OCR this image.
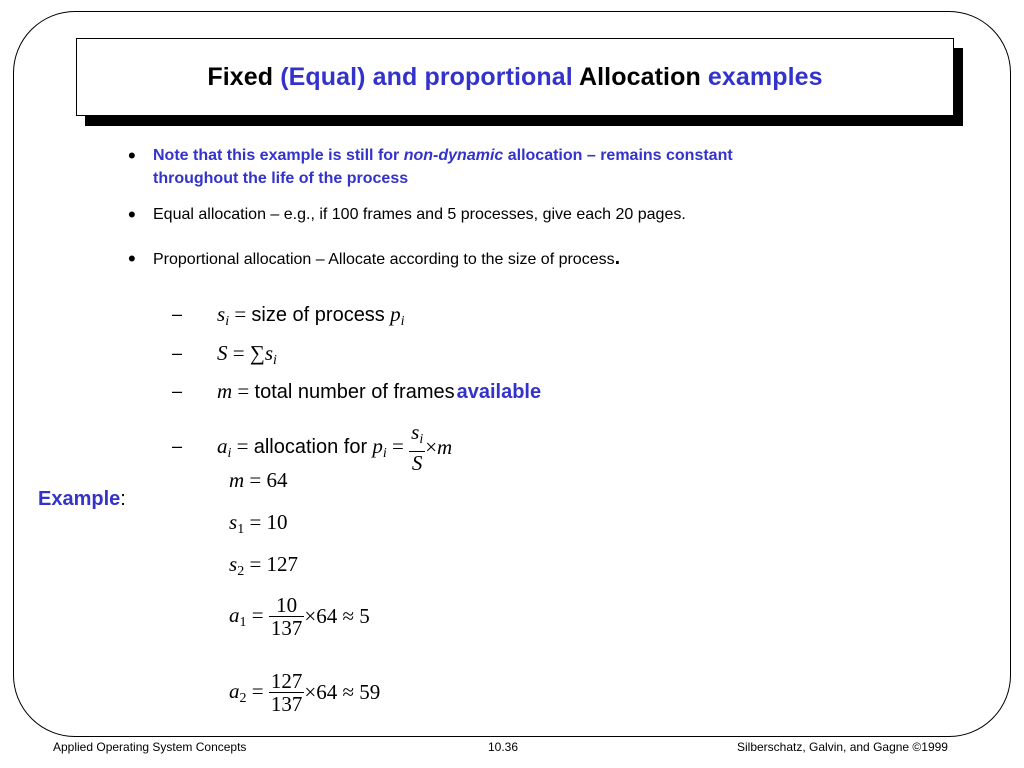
Fixed (Equal) and proportional Allocation examples
• Note that this example is still for non-dynamic allocation – remains constant
throughout the life of the process
• Equal allocation – e.g., if 100 frames and 5 processes, give each 20 pages.
• Proportional allocation – Allocate according to the size of process.
–
–
–
–
$s_i$ = size of process $p_i$
$S = \sum s_i$
m = total number of frames available
$a_i$ = allocation for $p_i = \frac{s_i}{S} \times m$
Example:
m = 64
$s_1 = 10$
$s_2 = 127$
$a_1 = \frac{10}{137} \times 64 \approx 5$
$a_2 = \frac{127}{137} \times 64 \approx 59$
Applied Operating System Concepts	10.36	Silberschatz, Galvin, and Gagne ©1999
